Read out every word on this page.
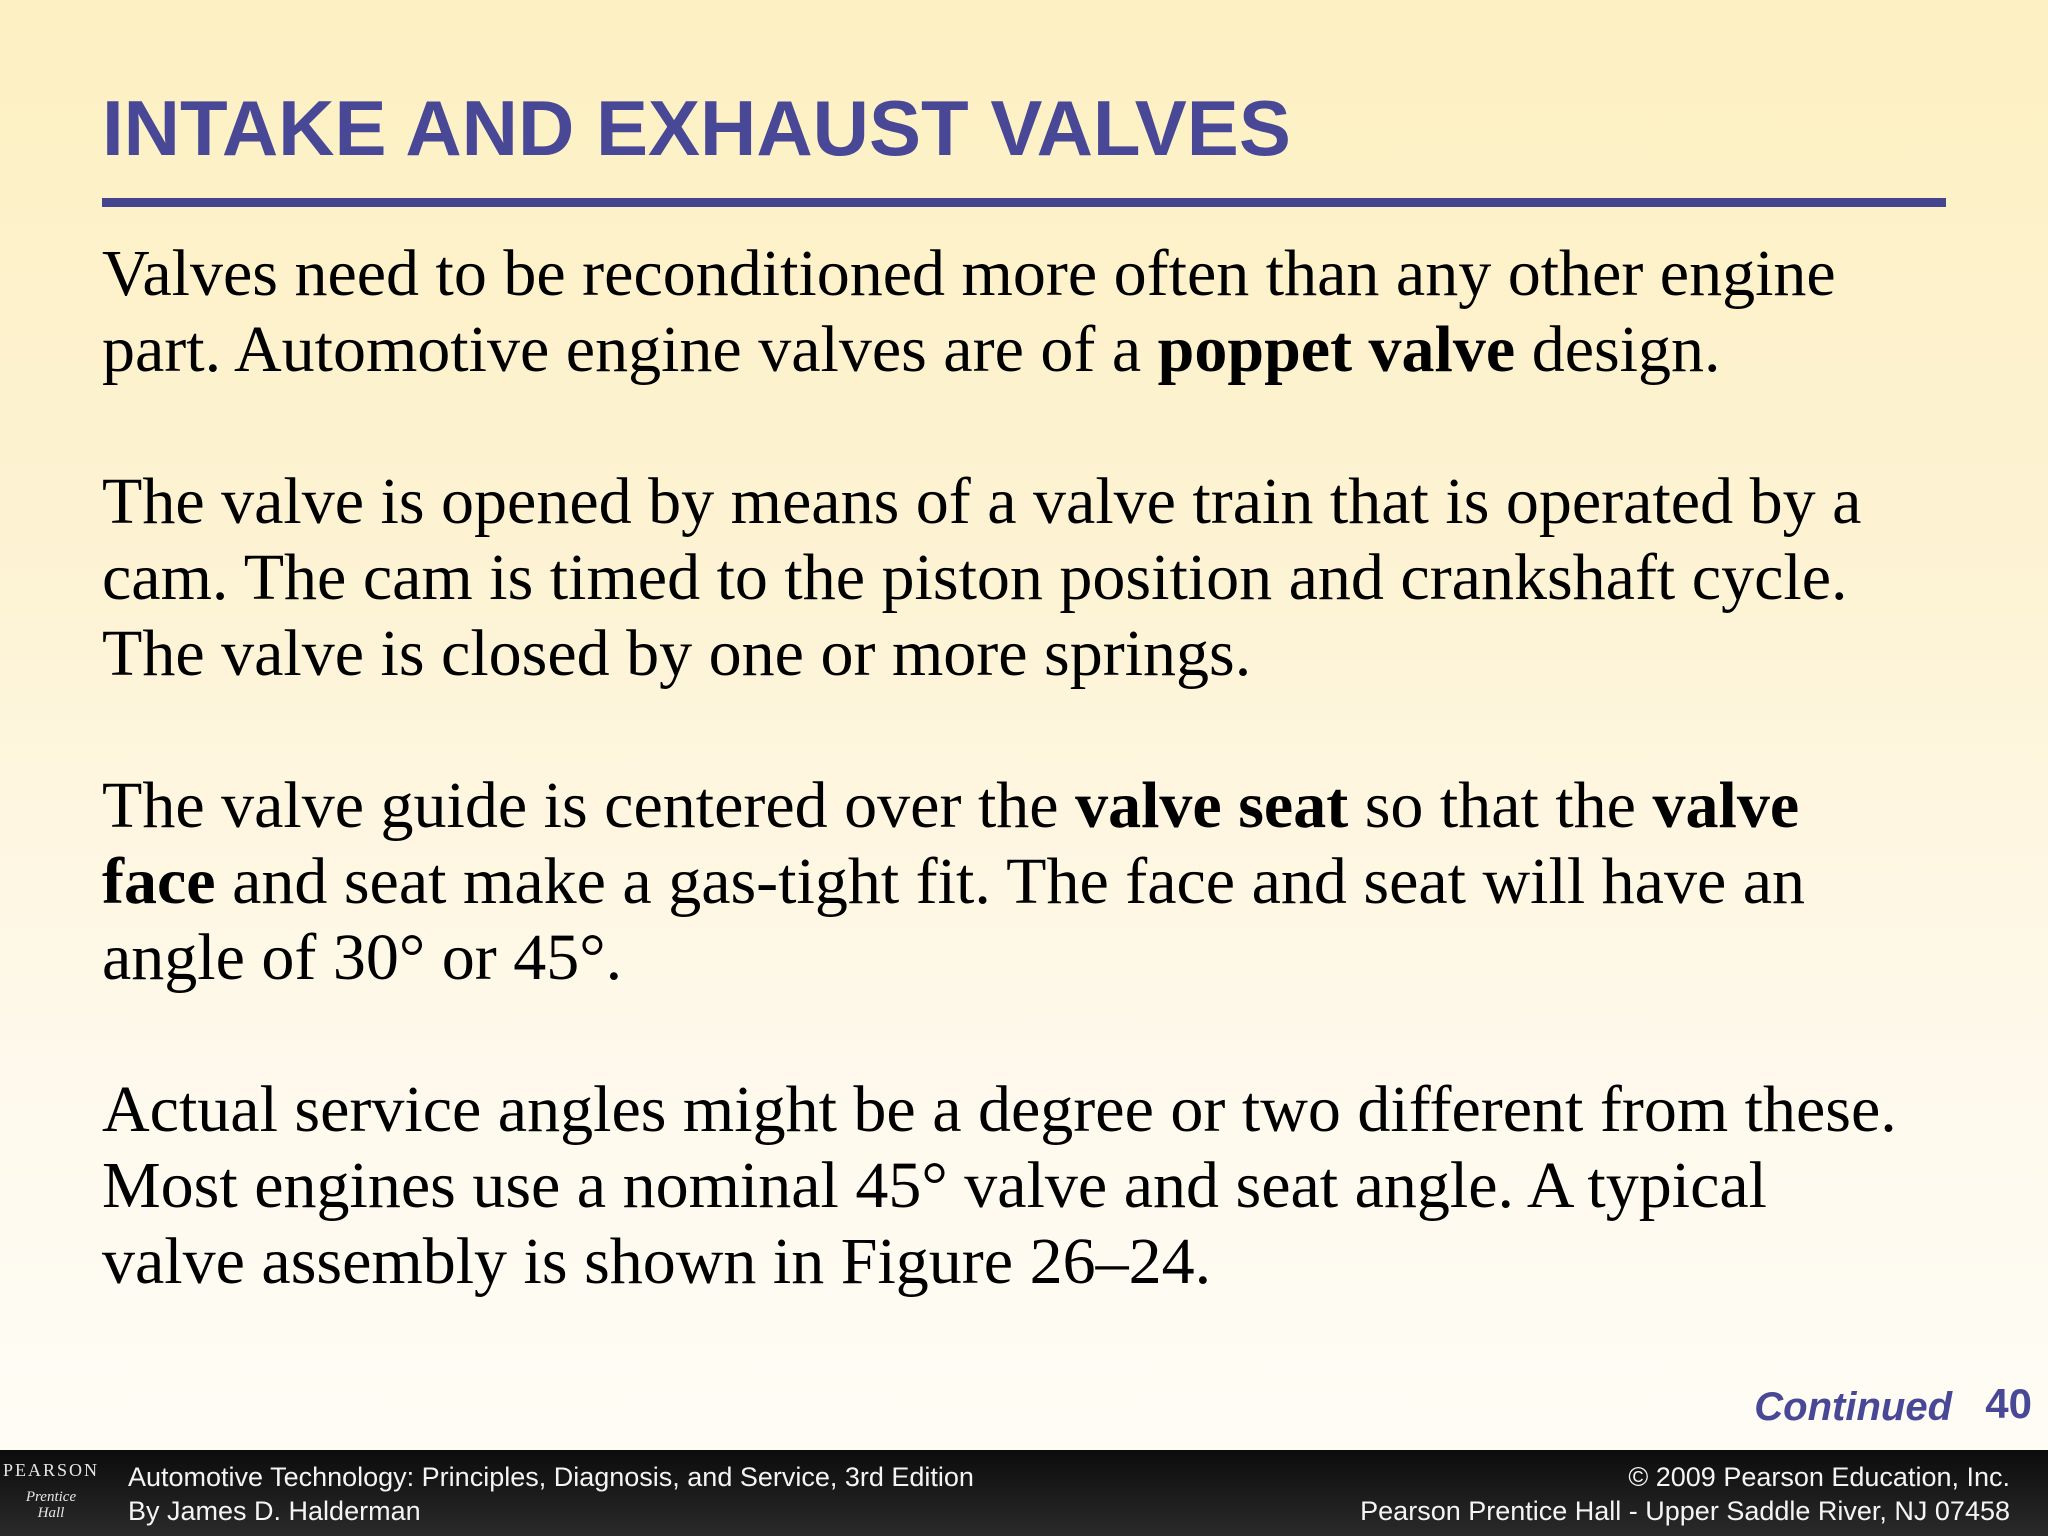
INTAKE AND EXHAUST VALVES

Valves need to be reconditioned more often than any other engine
part. Automotive engine valves are of a poppet valve design.

The valve is opened by means of a valve train that is operated by a
cam. The cam is timed to the piston position and crankshaft cycle.
The valve is closed by one or more springs.

The valve guide is centered over the valve seat so that the valve
face and seat make a gas-tight fit. The face and seat will have an
angle of 30° or 45°.

Actual service angles might be a degree or two different from these.
Most engines use a nominal 45° valve and seat angle. A typical
valve assembly is shown in Figure 26–24.

Continued 40
PEARSON
Prentice
Hall
Automotive Technology: Principles, Diagnosis, and Service, 3rd Edition
By James D. Halderman
© 2009 Pearson Education, Inc.
Pearson Prentice Hall - Upper Saddle River, NJ 07458
